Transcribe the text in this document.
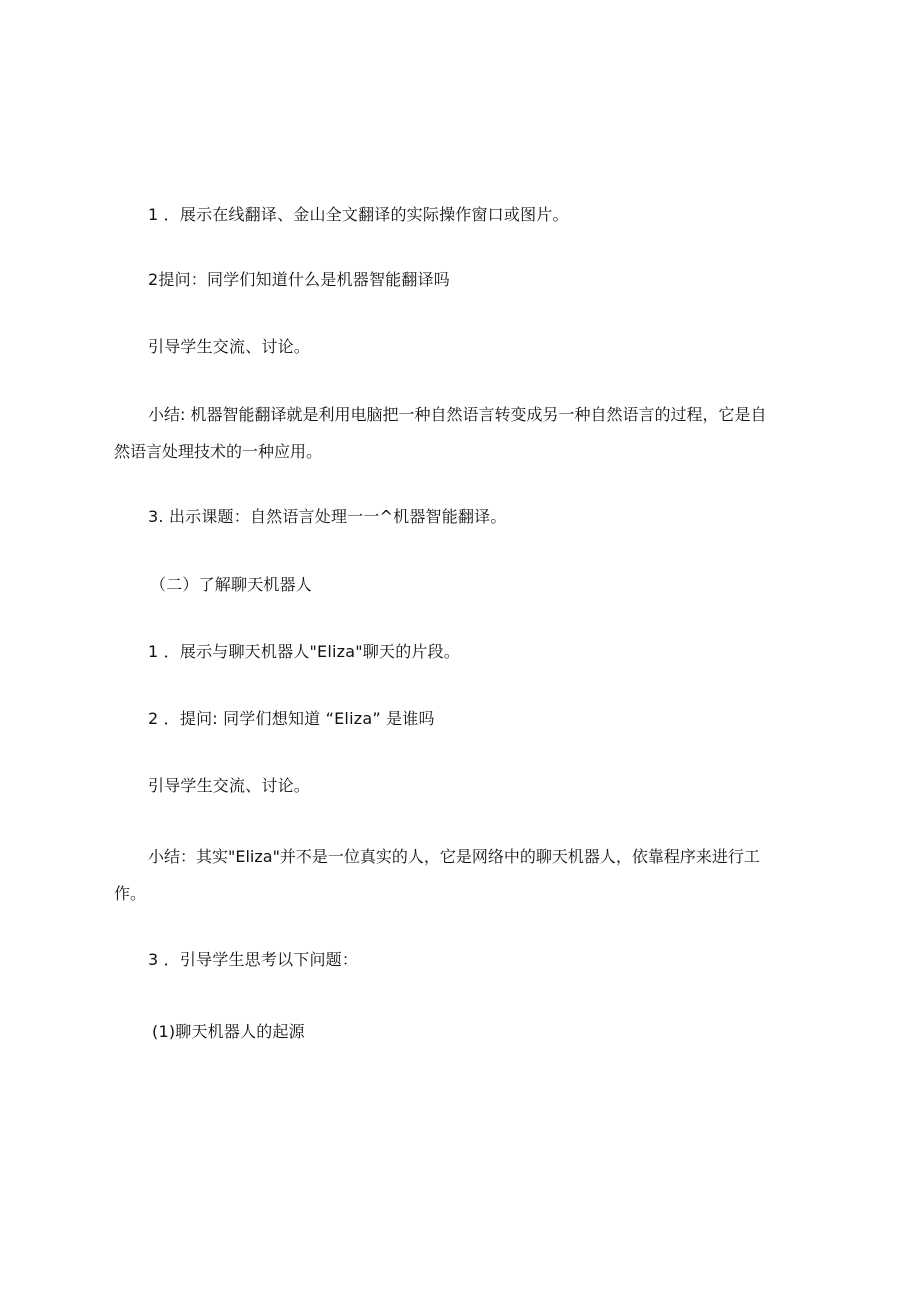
1 ．展示在线翻译、金山全文翻译的实际操作窗口或图片。
2提问：同学们知道什么是机器智能翻译吗
引导学生交流、讨论。
小结: 机器智能翻译就是利用电脑把一种自然语言转变成另一种自然语言的过程，它是自
然语言处理技术的一种应用。
3. 出示课题：自然语言处理一一^机器智能翻译。
（二）了解聊天机器人
1 ．展示与聊天机器人"Eliza"聊天的片段。
2 ．提问: 同学们想知道 “Eliza” 是谁吗
引导学生交流、讨论。
小结：其实"Eliza"并不是一位真实的人，它是网络中的聊天机器人，依靠程序来进行工
作。
3 ．引导学生思考以下问题：
(1)聊天机器人的起源
